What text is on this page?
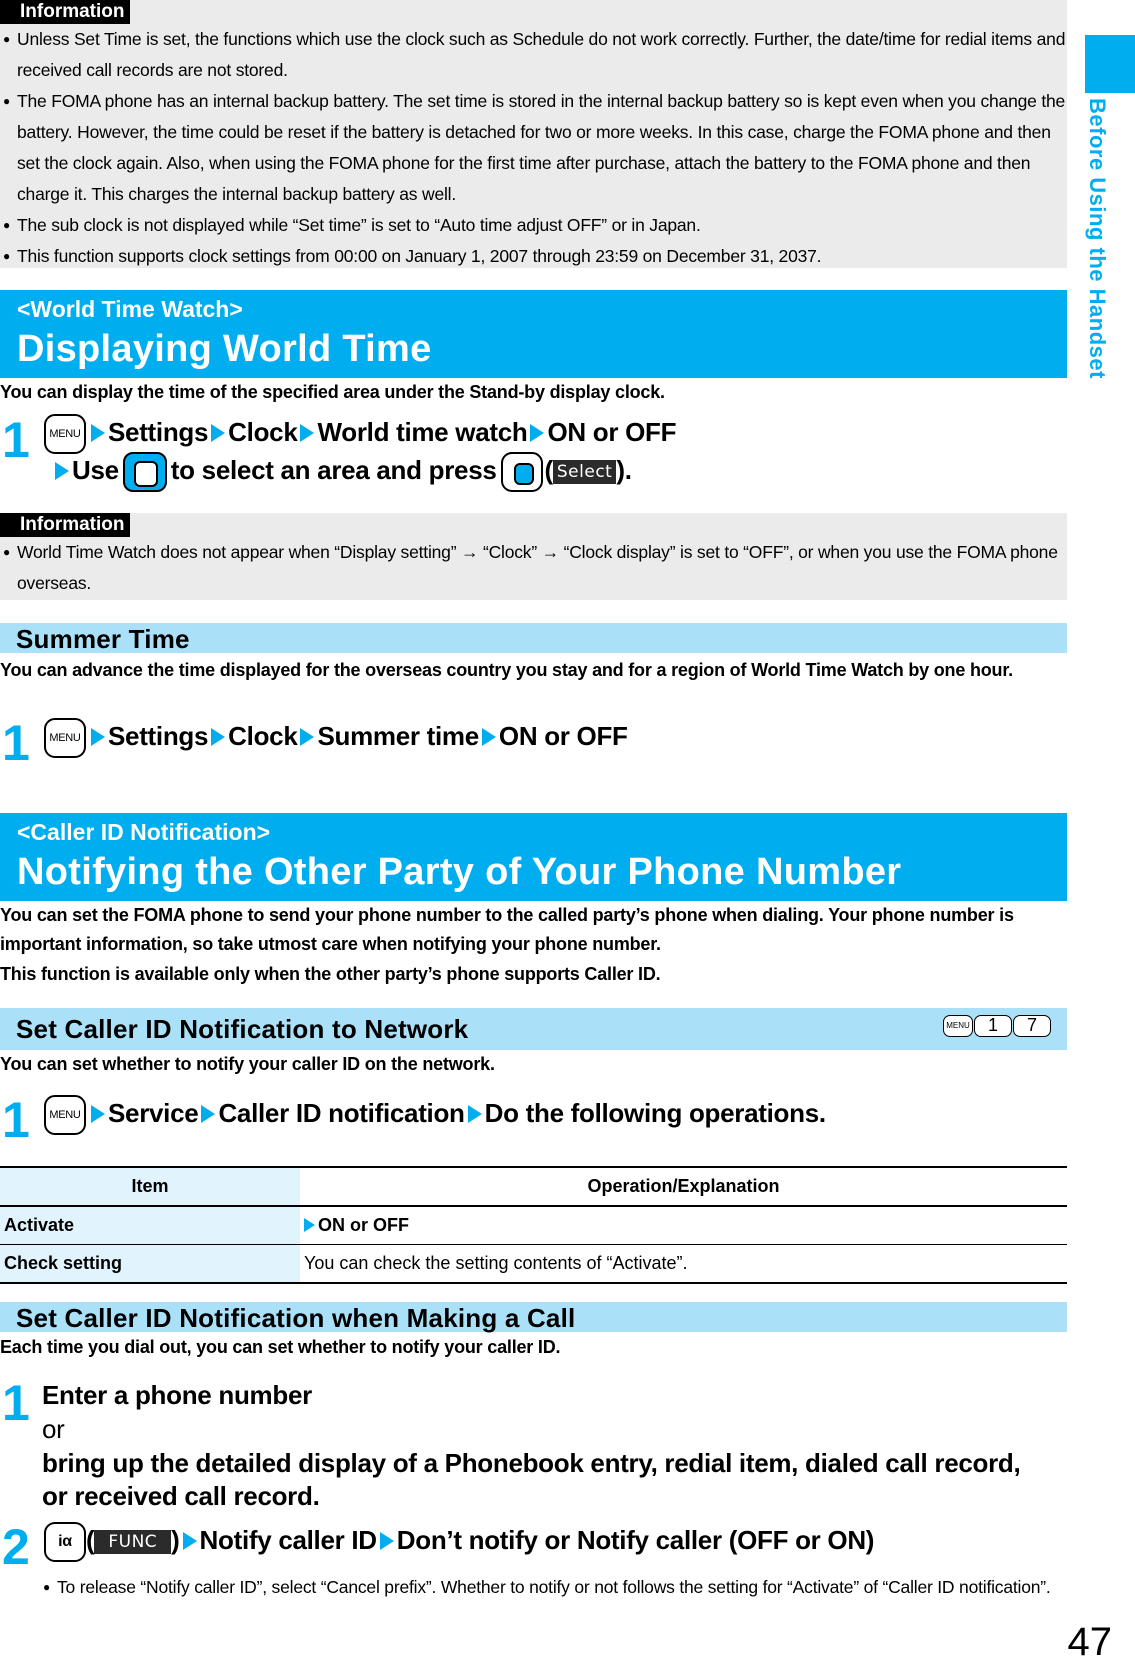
Before Using the Handset
Information
● Unless Set Time is set, the functions which use the clock such as Schedule do not work correctly. Further, the date/time for redial items and received call records are not stored.
● The FOMA phone has an internal backup battery. The set time is stored in the internal backup battery so is kept even when you change the battery. However, the time could be reset if the battery is detached for two or more weeks. In this case, charge the FOMA phone and then set the clock again. Also, when using the FOMA phone for the first time after purchase, attach the battery to the FOMA phone and then charge it. This charges the internal backup battery as well.
● The sub clock is not displayed while “Set time” is set to “Auto time adjust OFF” or in Japan.
● This function supports clock settings from 00:00 on January 1, 2007 through 23:59 on December 31, 2037.
<World Time Watch>
Displaying World Time
You can display the time of the specified area under the Stand-by display clock.
1	MENU Settings Clock World time watch ON or OFF
Use to select an area and press ( Select ).
Information
● World Time Watch does not appear when “Display setting” → “Clock” → “Clock display” is set to “OFF”, or when you use the FOMA phone overseas.
Summer Time
You can advance the time displayed for the overseas country you stay and for a region of World Time Watch by one hour.
1	MENU Settings Clock Summer time ON or OFF
<Caller ID Notification>
Notifying the Other Party of Your Phone Number
You can set the FOMA phone to send your phone number to the called party’s phone when dialing. Your phone number is important information, so take utmost care when notifying your phone number.
This function is available only when the other party’s phone supports Caller ID.
Set Caller ID Notification to Network	MENU 1 7
You can set whether to notify your caller ID on the network.
1	MENU Service Caller ID notification Do the following operations.
Item	Operation/Explanation
Activate	ON or OFF
Check setting	You can check the setting contents of “Activate”.
Set Caller ID Notification when Making a Call
Each time you dial out, you can set whether to notify your caller ID.
1 Enter a phone number
or
bring up the detailed display of a Phonebook entry, redial item, dialed call record,
or received call record.
2	iα ( FUNC ) Notify caller ID Don’t notify or Notify caller (OFF or ON)
● To release “Notify caller ID”, select “Cancel prefix”. Whether to notify or not follows the setting for “Activate” of “Caller ID notification”.
47
